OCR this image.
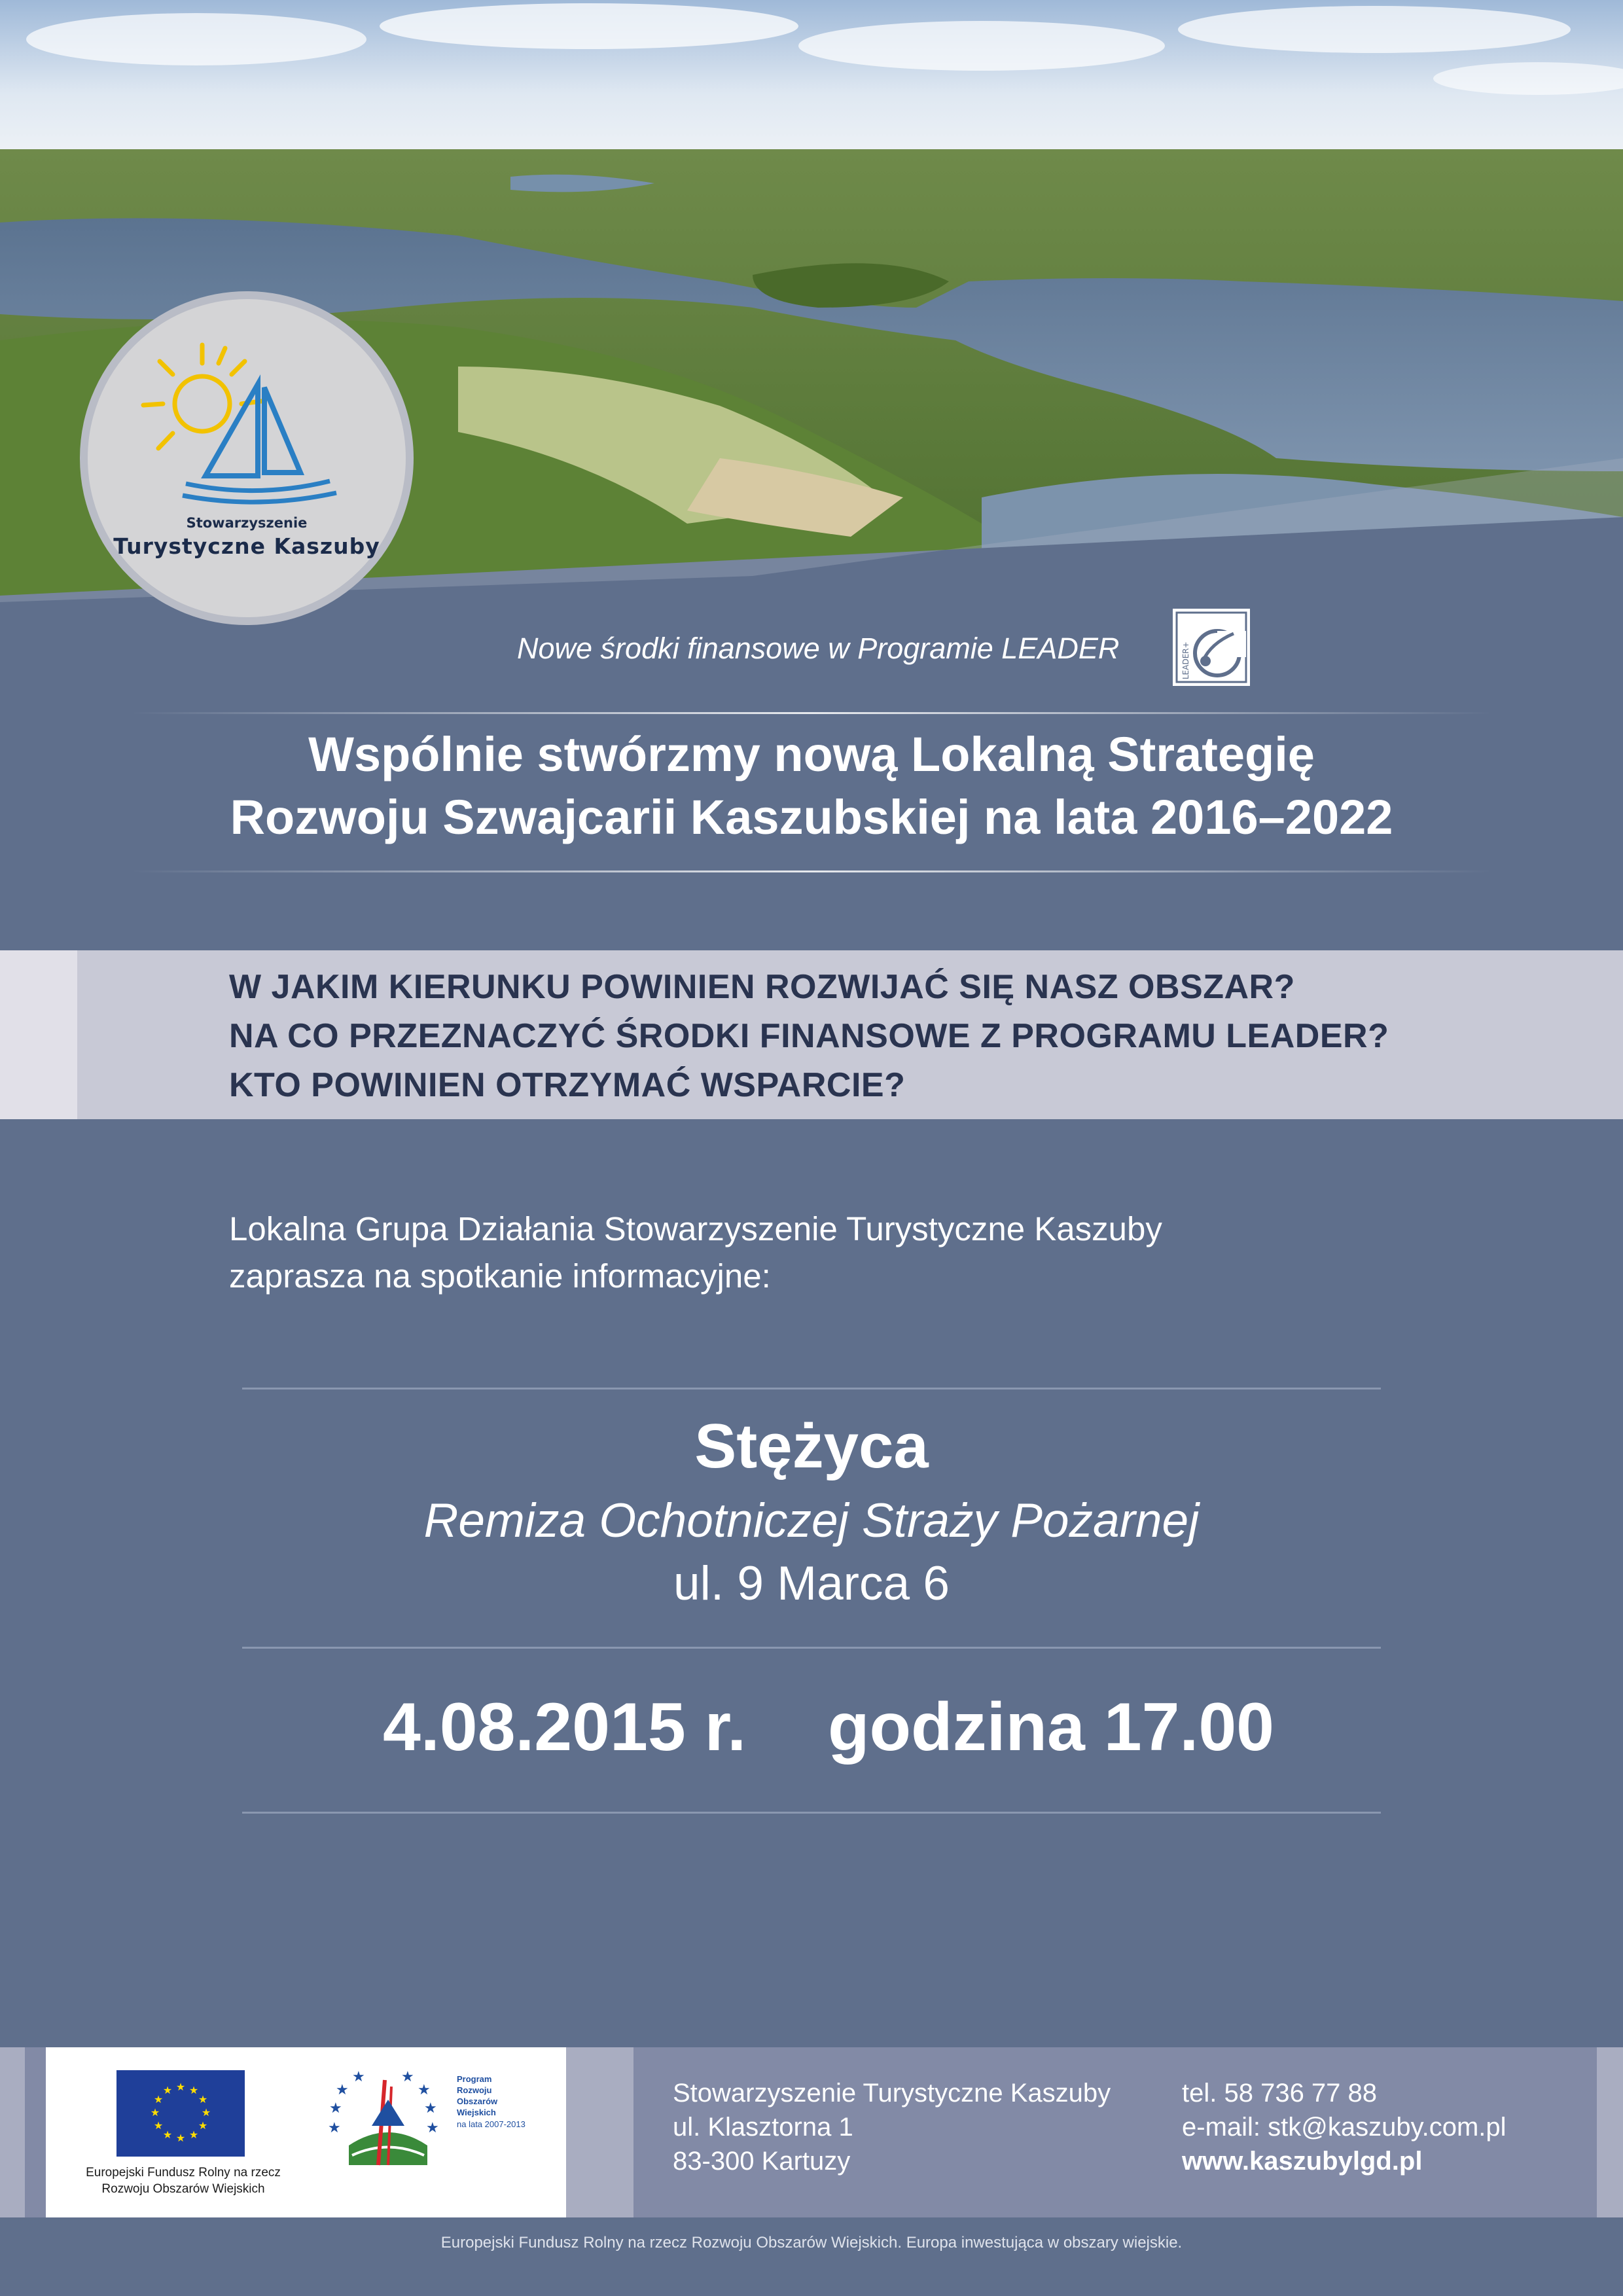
Stowarzyszenie
Turystyczne Kaszuby
Nowe środki finansowe w Programie LEADER	LEADER+
Wspólnie stwórzmy nową Lokalną Strategię
Rozwoju Szwajcarii Kaszubskiej na lata 2016–2022
W JAKIM KIERUNKU POWINIEN ROZWIJAĆ SIĘ NASZ OBSZAR?
NA CO PRZEZNACZYĆ ŚRODKI FINANSOWE Z PROGRAMU LEADER?
KTO POWINIEN OTRZYMAĆ WSPARCIE?
Lokalna Grupa Działania Stowarzyszenie Turystyczne Kaszuby
zaprasza na spotkanie informacyjne:
Stężyca
Remiza Ochotniczej Straży Pożarnej
ul. 9 Marca 6
4.08.2015 r. godzina 17.00
★ ★
★
★
★
★
★
★
★
★
★
★
Europejski Fundusz Rolny na rzecz
Rozwoju Obszarów Wiejskich
★
★
★	★
★
★
★	★
Program
Rozwoju
Obszarów
Wiejskich
na lata 2007-2013
Stowarzyszenie Turystyczne Kaszuby
ul. Klasztorna 1
83-300 Kartuzy
tel. 58 736 77 88
e-mail: stk@kaszuby.com.pl
www.kaszubylgd.pl
Europejski Fundusz Rolny na rzecz Rozwoju Obszarów Wiejskich. Europa inwestująca w obszary wiejskie.
